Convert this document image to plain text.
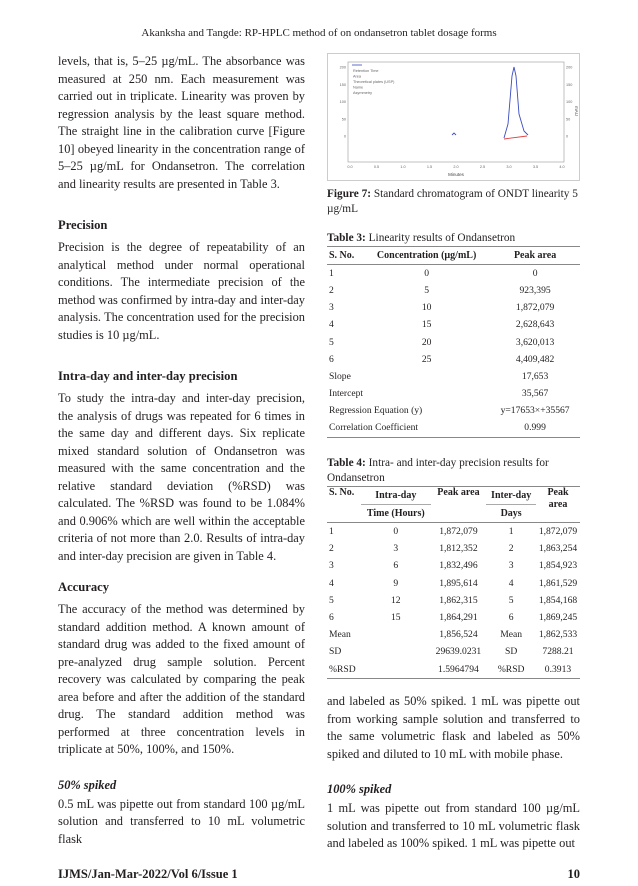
Akanksha and Tangde: RP-HPLC method of on ondansetron tablet dosage forms

levels, that is, 5–25 µg/mL. The absorbance was measured at 250 nm. Each measurement was carried out in triplicate. Linearity was proven by regression analysis by the least square method. The straight line in the calibration curve [Figure 10] obeyed linearity in the concentration range of 5–25 µg/mL for Ondansetron. The correlation and linearity results are presented in Table 3.

Precision

Precision is the degree of repeatability of an analytical method under normal operational conditions. The intermediate precision of the method was confirmed by intra-day and inter-day analysis. The concentration used for the precision studies is 10 µg/mL.

Intra-day and inter-day precision

To study the intra-day and inter-day precision, the analysis of drugs was repeated for 6 times in the same day and different days. Six replicate mixed standard solution of Ondansetron was measured with the same concentration and the relative standard deviation (%RSD) was calculated. The %RSD was found to be 1.084% and 0.906% which are well within the acceptable criteria of not more than 2.0. Results of intra-day and inter-day precision are given in Table 4.

Accuracy

The accuracy of the method was determined by standard addition method. A known amount of standard drug was added to the fixed amount of pre-analyzed drug sample solution. Percent recovery was calculated by comparing the peak area before and after the addition of the standard drug. The standard addition method was performed at three concentration levels in triplicate at 50%, 100%, and 150%.

50% spiked

0.5 mL was pipette out from standard 100 µg/mL solution and transferred to 10 mL volumetric flask

Retention Time
Area
Theoretical plates (USP)
Name
Asymmetry
0.0	0.5	1.0	1.5	2.0	2.5	3.0	3.5	4.0
0	0
50	50
100	100
150	150
200	200
Minutes
mAU
Figure 7: Standard chromatogram of ONDT linearity 5 µg/mL
Table 3: Linearity results of Ondansetron
S. No.	Concentration (µg/mL)	Peak area
1	0	0
2	5	923,395
3	10	1,872,079
4	15	2,628,643
5	20	3,620,013
6	25	4,409,482
Slope		17,653
Intercept		35,567
Regression Equation (y)		y=17653×+35567
Correlation Coefficient		0.999
Table 4: Intra- and inter-day precision results for Ondansetron
S. No.	Intra-day	Peak area	Inter-day	Peak area
	Time (Hours)		Days	
1	0	1,872,079	1	1,872,079
2	3	1,812,352	2	1,863,254
3	6	1,832,496	3	1,854,923
4	9	1,895,614	4	1,861,529
5	12	1,862,315	5	1,854,168
6	15	1,864,291	6	1,869,245
Mean		1,856,524	Mean	1,862,533
SD		29639.0231	SD	7288.21
%RSD		1.5964794	%RSD	0.3913

and labeled as 50% spiked. 1 mL was pipette out from working sample solution and transferred to the same volumetric flask and labeled as 50% spiked and diluted to 10 mL with mobile phase.

100% spiked

1 mL was pipette out from standard 100 µg/mL solution and transferred to 10 mL volumetric flask and labeled as 100% spiked. 1 mL was pipette out

IJMS/Jan-Mar-2022/Vol 6/Issue 1	10
